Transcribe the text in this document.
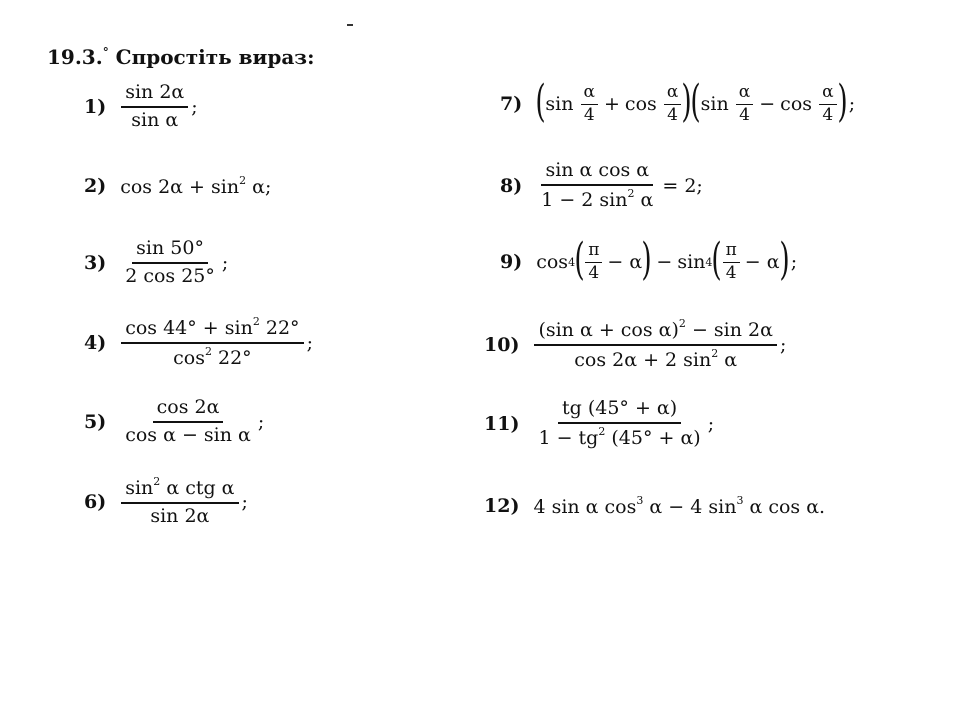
19.3.° Спростіть вираз:
$1) \frac{\sin 2\alpha}{\text{sin α}}$ ;
2) $\cos 2\alpha + \sin^2 \alpha$;
$3) \frac{\sin 50^\circ}{2 \cos 25^\circ}$ ;
$4) \frac{\cos 44^\circ + \sin^2 22^\circ}{\cos^2 22^\circ}$ ;
$5) \frac{\cos 2\alpha}{\text{cos α − sin α}}$ ;
$6) \frac{\sin^2 \alpha ctg \alpha}{\sin 2\alpha}$ ;
7) ( sin
$\frac{\alpha}{4} + \cos$
$\frac{\alpha}{4}$ )
( sin
$\frac{\alpha}{4} - \cos$
$\frac{\alpha}{4}$ ) ;
$8) \frac{\text{sin α cos α}}{1 - 2 \sin^2 \alpha} = 2$;
9) cos 4 ( $\frac{\pi}{4} - \alpha$ ) − sin 4 ( $\frac{\pi}{4} - \alpha$ ) ;
$10) \frac{(\sin \alpha + \cos \alpha)^2 - \sin 2\alpha}{\cos 2\alpha + 2 \sin^2 \alpha}$ ;
$11) \frac{tg (45^\circ + \alpha)}{1 - tg^2 (45^\circ + \alpha)}$ ;
12) 4 sin α $\cos^3 \alpha - 4$ $\sin^3 \alpha$ cos α.
